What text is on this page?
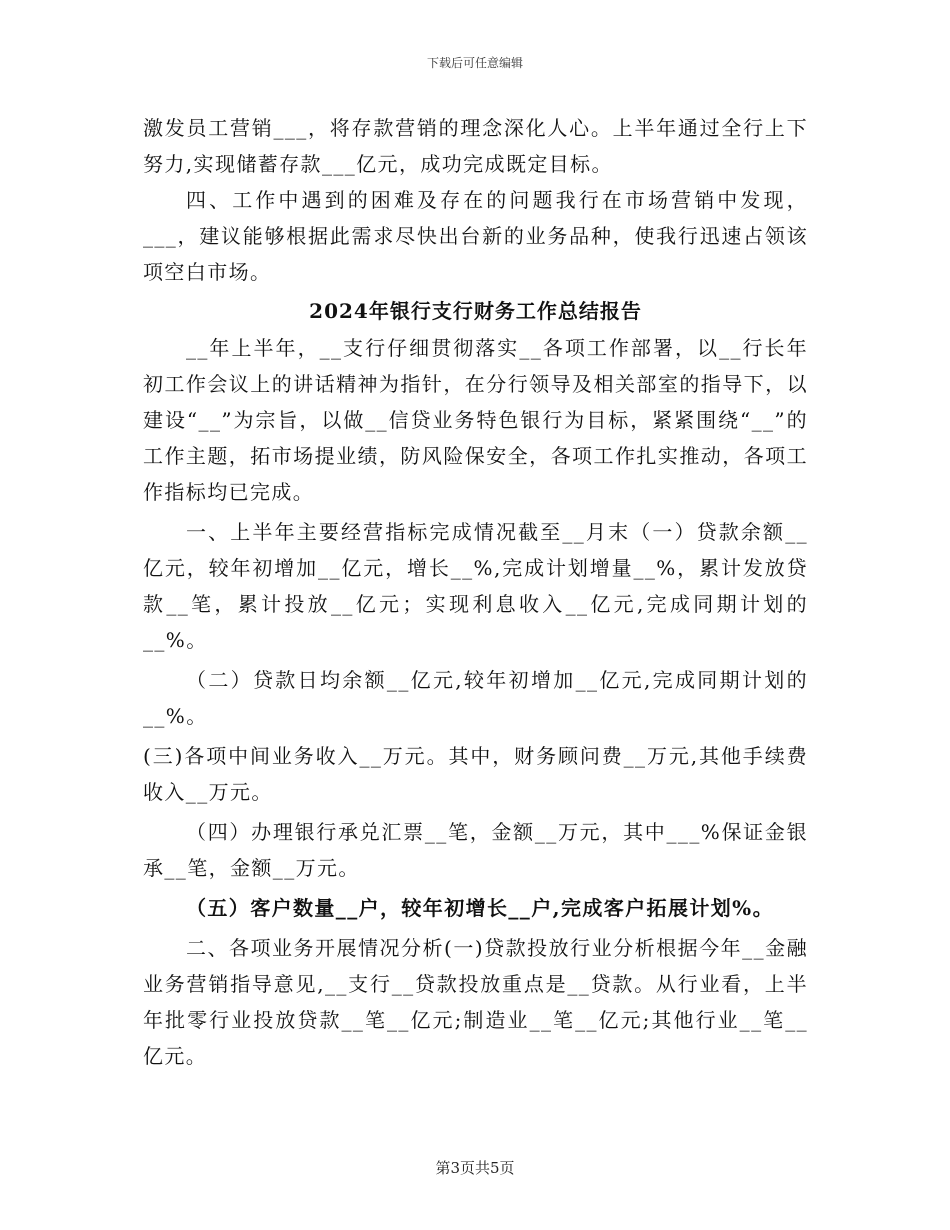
下载后可任意编辑

激发员工营销___，将存款营销的理念深化人心。上半年通过全行上下努力,实现储蓄存款___亿元，成功完成既定目标。

四、工作中遇到的困难及存在的问题我行在市场营销中发现，___，建议能够根据此需求尽快出台新的业务品种，使我行迅速占领该项空白市场。

2024年银行支行财务工作总结报告

__年上半年，__支行仔细贯彻落实__各项工作部署，以__行长年初工作会议上的讲话精神为指针，在分行领导及相关部室的指导下，以建设“__”为宗旨，以做__信贷业务特色银行为目标，紧紧围绕“__”的工作主题，拓市场提业绩，防风险保安全，各项工作扎实推动，各项工作指标均已完成。

一、上半年主要经营指标完成情况截至__月末（一）贷款余额__亿元，较年初增加__亿元，增长__%,完成计划增量__%，累计发放贷款__笔，累计投放__亿元；实现利息收入__亿元,完成同期计划的__%。

（二）贷款日均余额__亿元,较年初增加__亿元,完成同期计划的__%。

(三)各项中间业务收入__万元。其中，财务顾问费__万元,其他手续费收入__万元。

（四）办理银行承兑汇票__笔，金额__万元，其中___%保证金银承__笔，金额__万元。

（五）客户数量__户，较年初增长__户,完成客户拓展计划%。

二、各项业务开展情况分析(一)贷款投放行业分析根据今年__金融业务营销指导意见,__支行__贷款投放重点是__贷款。从行业看，上半年批零行业投放贷款__笔__亿元;制造业__笔__亿元;其他行业__笔__亿元。

第3页共5页
